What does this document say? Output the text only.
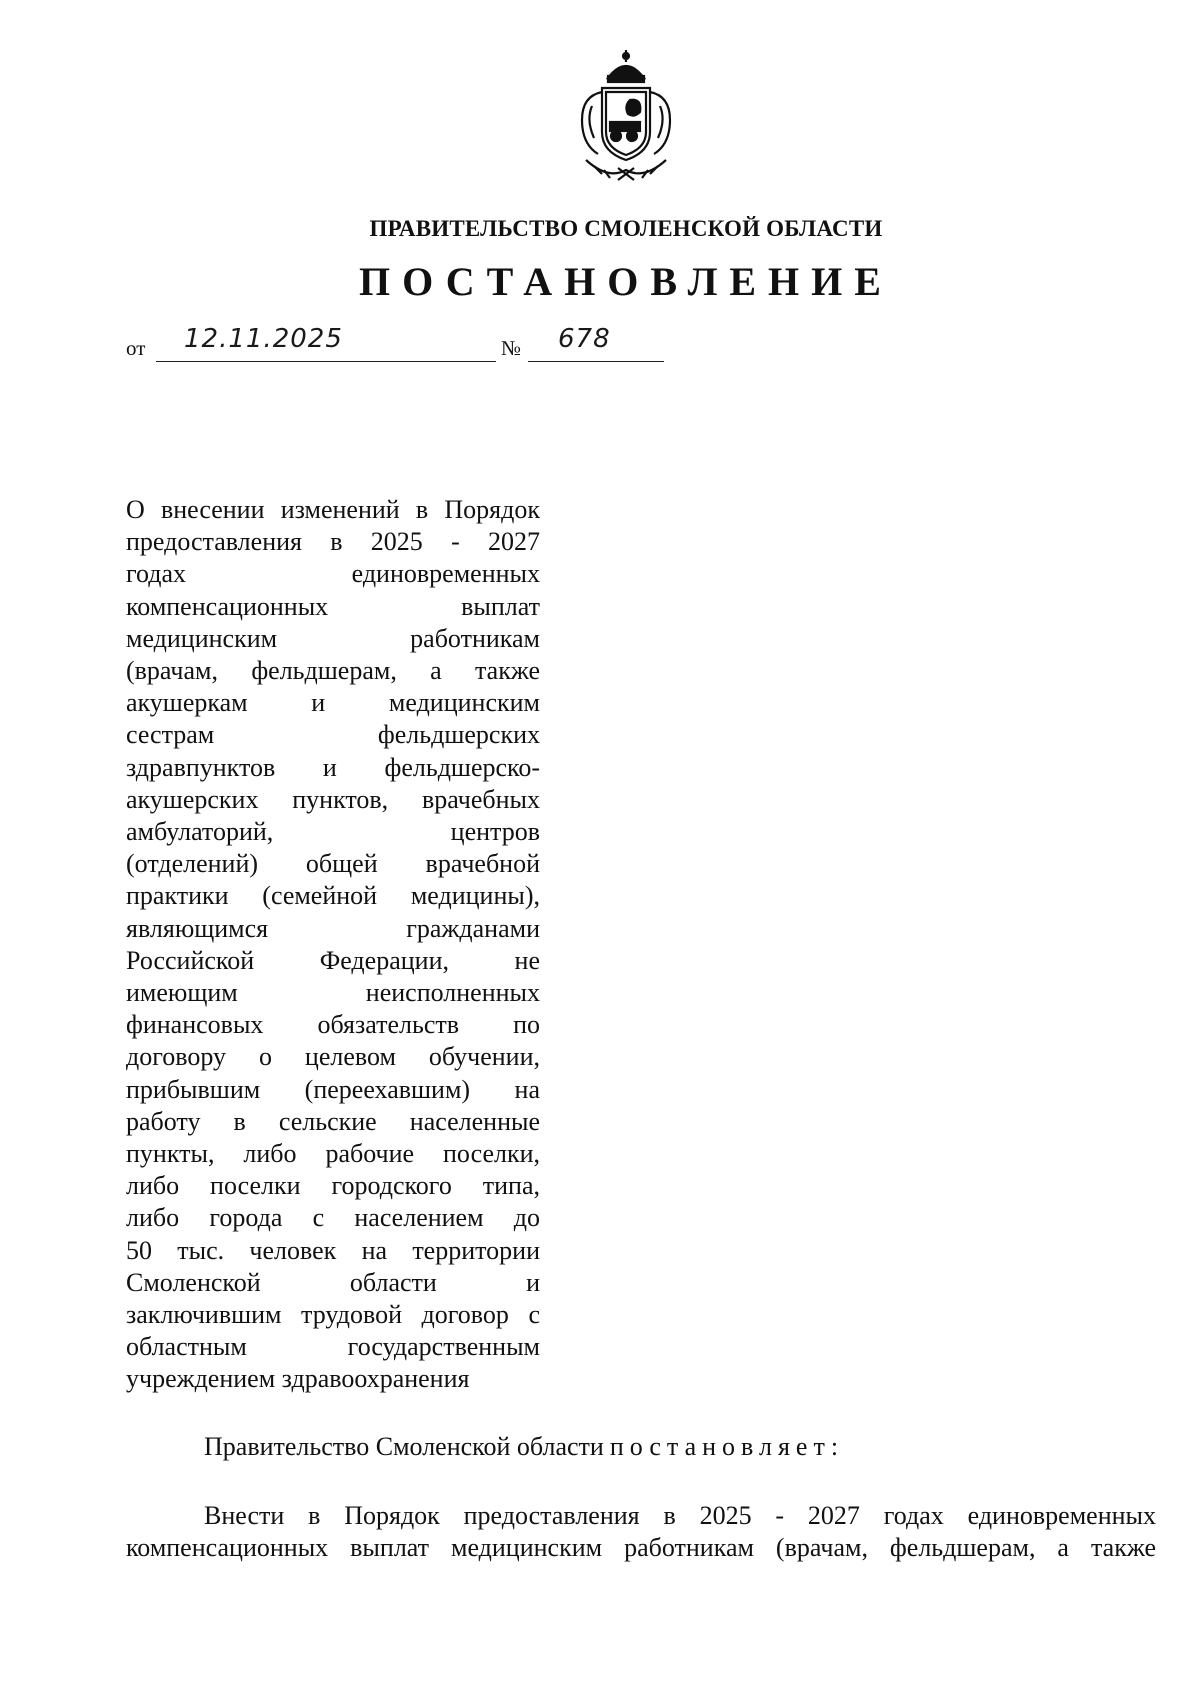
ПРАВИТЕЛЬСТВО СМОЛЕНСКОЙ ОБЛАСТИ
ПОСТАНОВЛЕНИЕ
от 12.11.2025	№ 678
О внесении изменений в Порядок
предоставления в 2025 - 2027
годах единовременных
компенсационных выплат
медицинским работникам
(врачам, фельдшерам, а также
акушеркам и медицинским
сестрам фельдшерских
здравпунктов и фельдшерско-
акушерских пунктов, врачебных
амбулаторий, центров
(отделений) общей врачебной
практики (семейной медицины),
являющимся гражданами
Российской Федерации, не
имеющим неисполненных
финансовых обязательств по
договору о целевом обучении,
прибывшим (переехавшим) на
работу в сельские населенные
пункты, либо рабочие поселки,
либо поселки городского типа,
либо города с населением до
50 тыс. человек на территории
Смоленской области и
заключившим трудовой договор с
областным государственным
учреждением здравоохранения
Правительство Смоленской области постановляет:
Внести в Порядок предоставления в 2025 - 2027 годах единовременных
компенсационных выплат медицинским работникам (врачам, фельдшерам, а также
